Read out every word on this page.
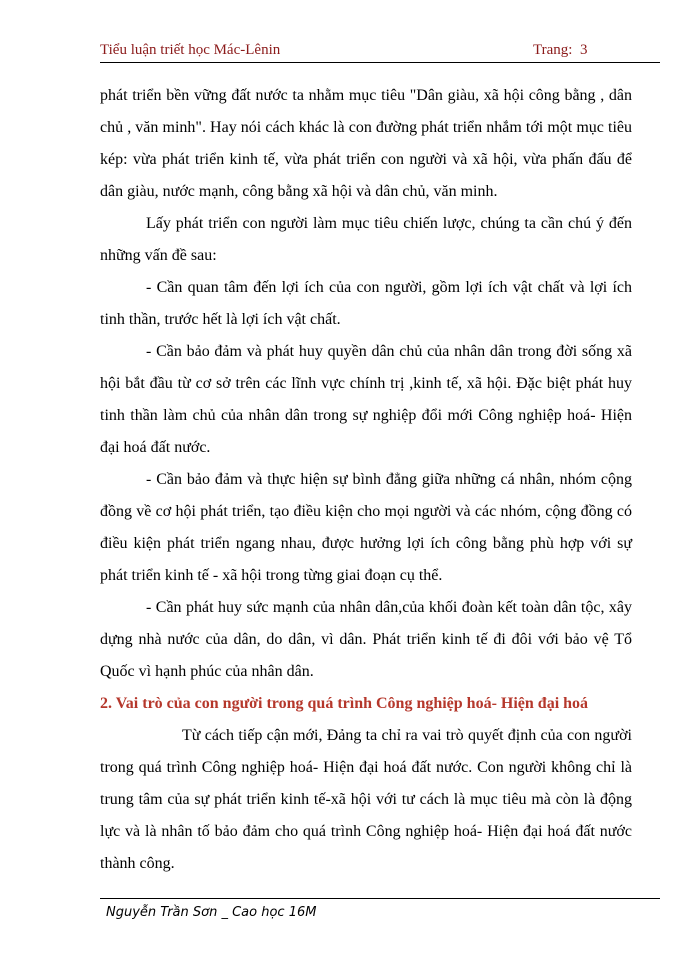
Tiểu luận triết học Mác-Lênin	Trang:  3

phát triển bền vững đất nước ta nhằm mục tiêu "Dân giàu, xã hội công bằng , dân chủ , văn minh". Hay nói cách khác là con đường phát triển nhắm tới một mục tiêu kép: vừa phát triển kinh tế, vừa phát triển con người và xã hội, vừa phấn đấu để dân giàu, nước mạnh, công bằng xã hội và dân chủ, văn minh.

Lấy phát triển con người làm mục tiêu chiến lược, chúng ta cần chú ý đến những vấn đề sau:

- Cần quan tâm đến lợi ích của con người, gồm lợi ích vật chất và lợi ích tinh thần, trước hết là lợi ích vật chất.

- Cần bảo đảm và phát huy quyền dân chủ của nhân dân trong đời sống xã hội bắt đầu từ cơ sở trên các lĩnh vực chính trị ,kinh tế, xã hội. Đặc biệt phát huy tinh thần làm chủ của nhân dân trong sự nghiệp đổi mới Công nghiệp hoá- Hiện đại hoá đất nước.

- Cần bảo đảm và thực hiện sự bình đẳng giữa những cá nhân, nhóm cộng đồng về cơ hội phát triển, tạo điều kiện cho mọi người và các nhóm, cộng đồng có điều kiện phát triển ngang nhau, được hưởng lợi ích công bằng phù hợp với sự phát triển kinh tế - xã hội trong từng giai đoạn cụ thể.

- Cần phát huy sức mạnh của nhân dân,của khối đoàn kết toàn dân tộc, xây dựng nhà nước của dân, do dân, vì dân. Phát triển kinh tế đi đôi với bảo vệ Tổ Quốc vì hạnh phúc của nhân dân.

2. Vai trò của con người trong quá trình Công nghiệp hoá- Hiện đại hoá

Từ cách tiếp cận mới, Đảng ta chỉ ra vai trò quyết định của con người trong quá trình Công nghiệp hoá- Hiện đại hoá đất nước. Con người không chỉ là trung tâm của sự phát triển kinh tế-xã hội với tư cách là mục tiêu mà còn là động lực và là nhân tố bảo đảm cho quá trình Công nghiệp hoá- Hiện đại hoá đất nước thành công.

Nguyễn Trần Sơn _ Cao học 16M
